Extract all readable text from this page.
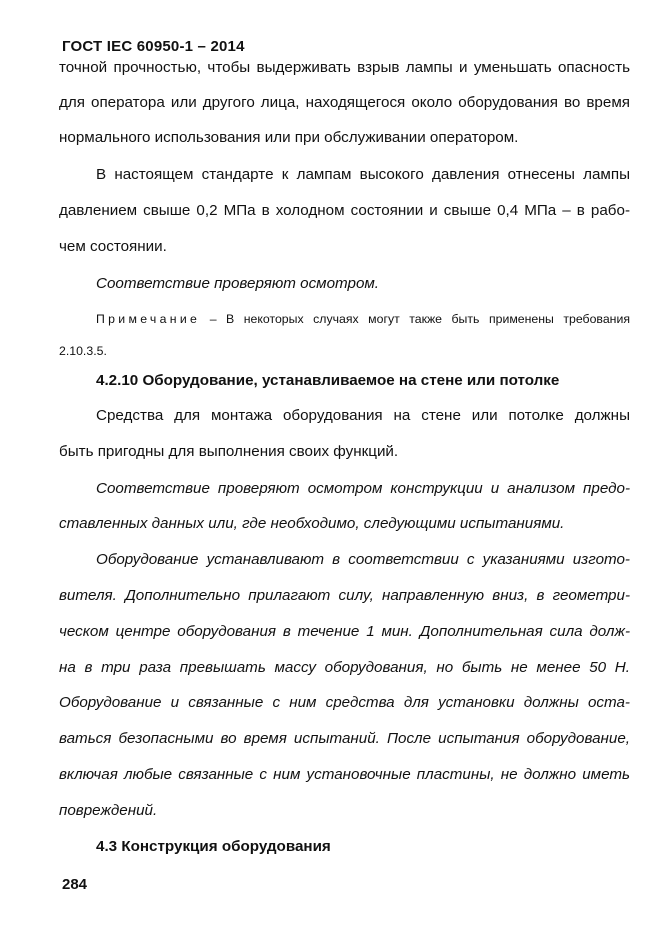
ГОСТ IEC 60950-1 – 2014
точной прочностью, чтобы выдерживать взрыв лампы и уменьшать опасность
для оператора или другого лица, находящегося около оборудования во время
нормального использования или при обслуживании оператором.
В настоящем стандарте к лампам высокого давления отнесены лампы
давлением свыше 0,2 МПа в холодном состоянии и свыше 0,4 МПа – в рабо-
чем состоянии.
Соответствие проверяют осмотром.
Примечание – В некоторых случаях могут также быть применены требования
2.10.3.5.
4.2.10 Оборудование, устанавливаемое на стене или потолке
Средства для монтажа оборудования на стене или потолке должны
быть пригодны для выполнения своих функций.
Соответствие проверяют осмотром конструкции и анализом предо-
ставленных данных или, где необходимо, следующими испытаниями.
Оборудование устанавливают в соответствии с указаниями изгото-
вителя. Дополнительно прилагают силу, направленную вниз, в геометри-
ческом центре оборудования в течение 1 мин. Дополнительная сила долж-
на в три раза превышать массу оборудования, но быть не менее 50 Н.
Оборудование и связанные с ним средства для установки должны оста-
ваться безопасными во время испытаний. После испытания оборудование,
включая любые связанные с ним установочные пластины, не должно иметь
повреждений.
4.3 Конструкция оборудования
284
